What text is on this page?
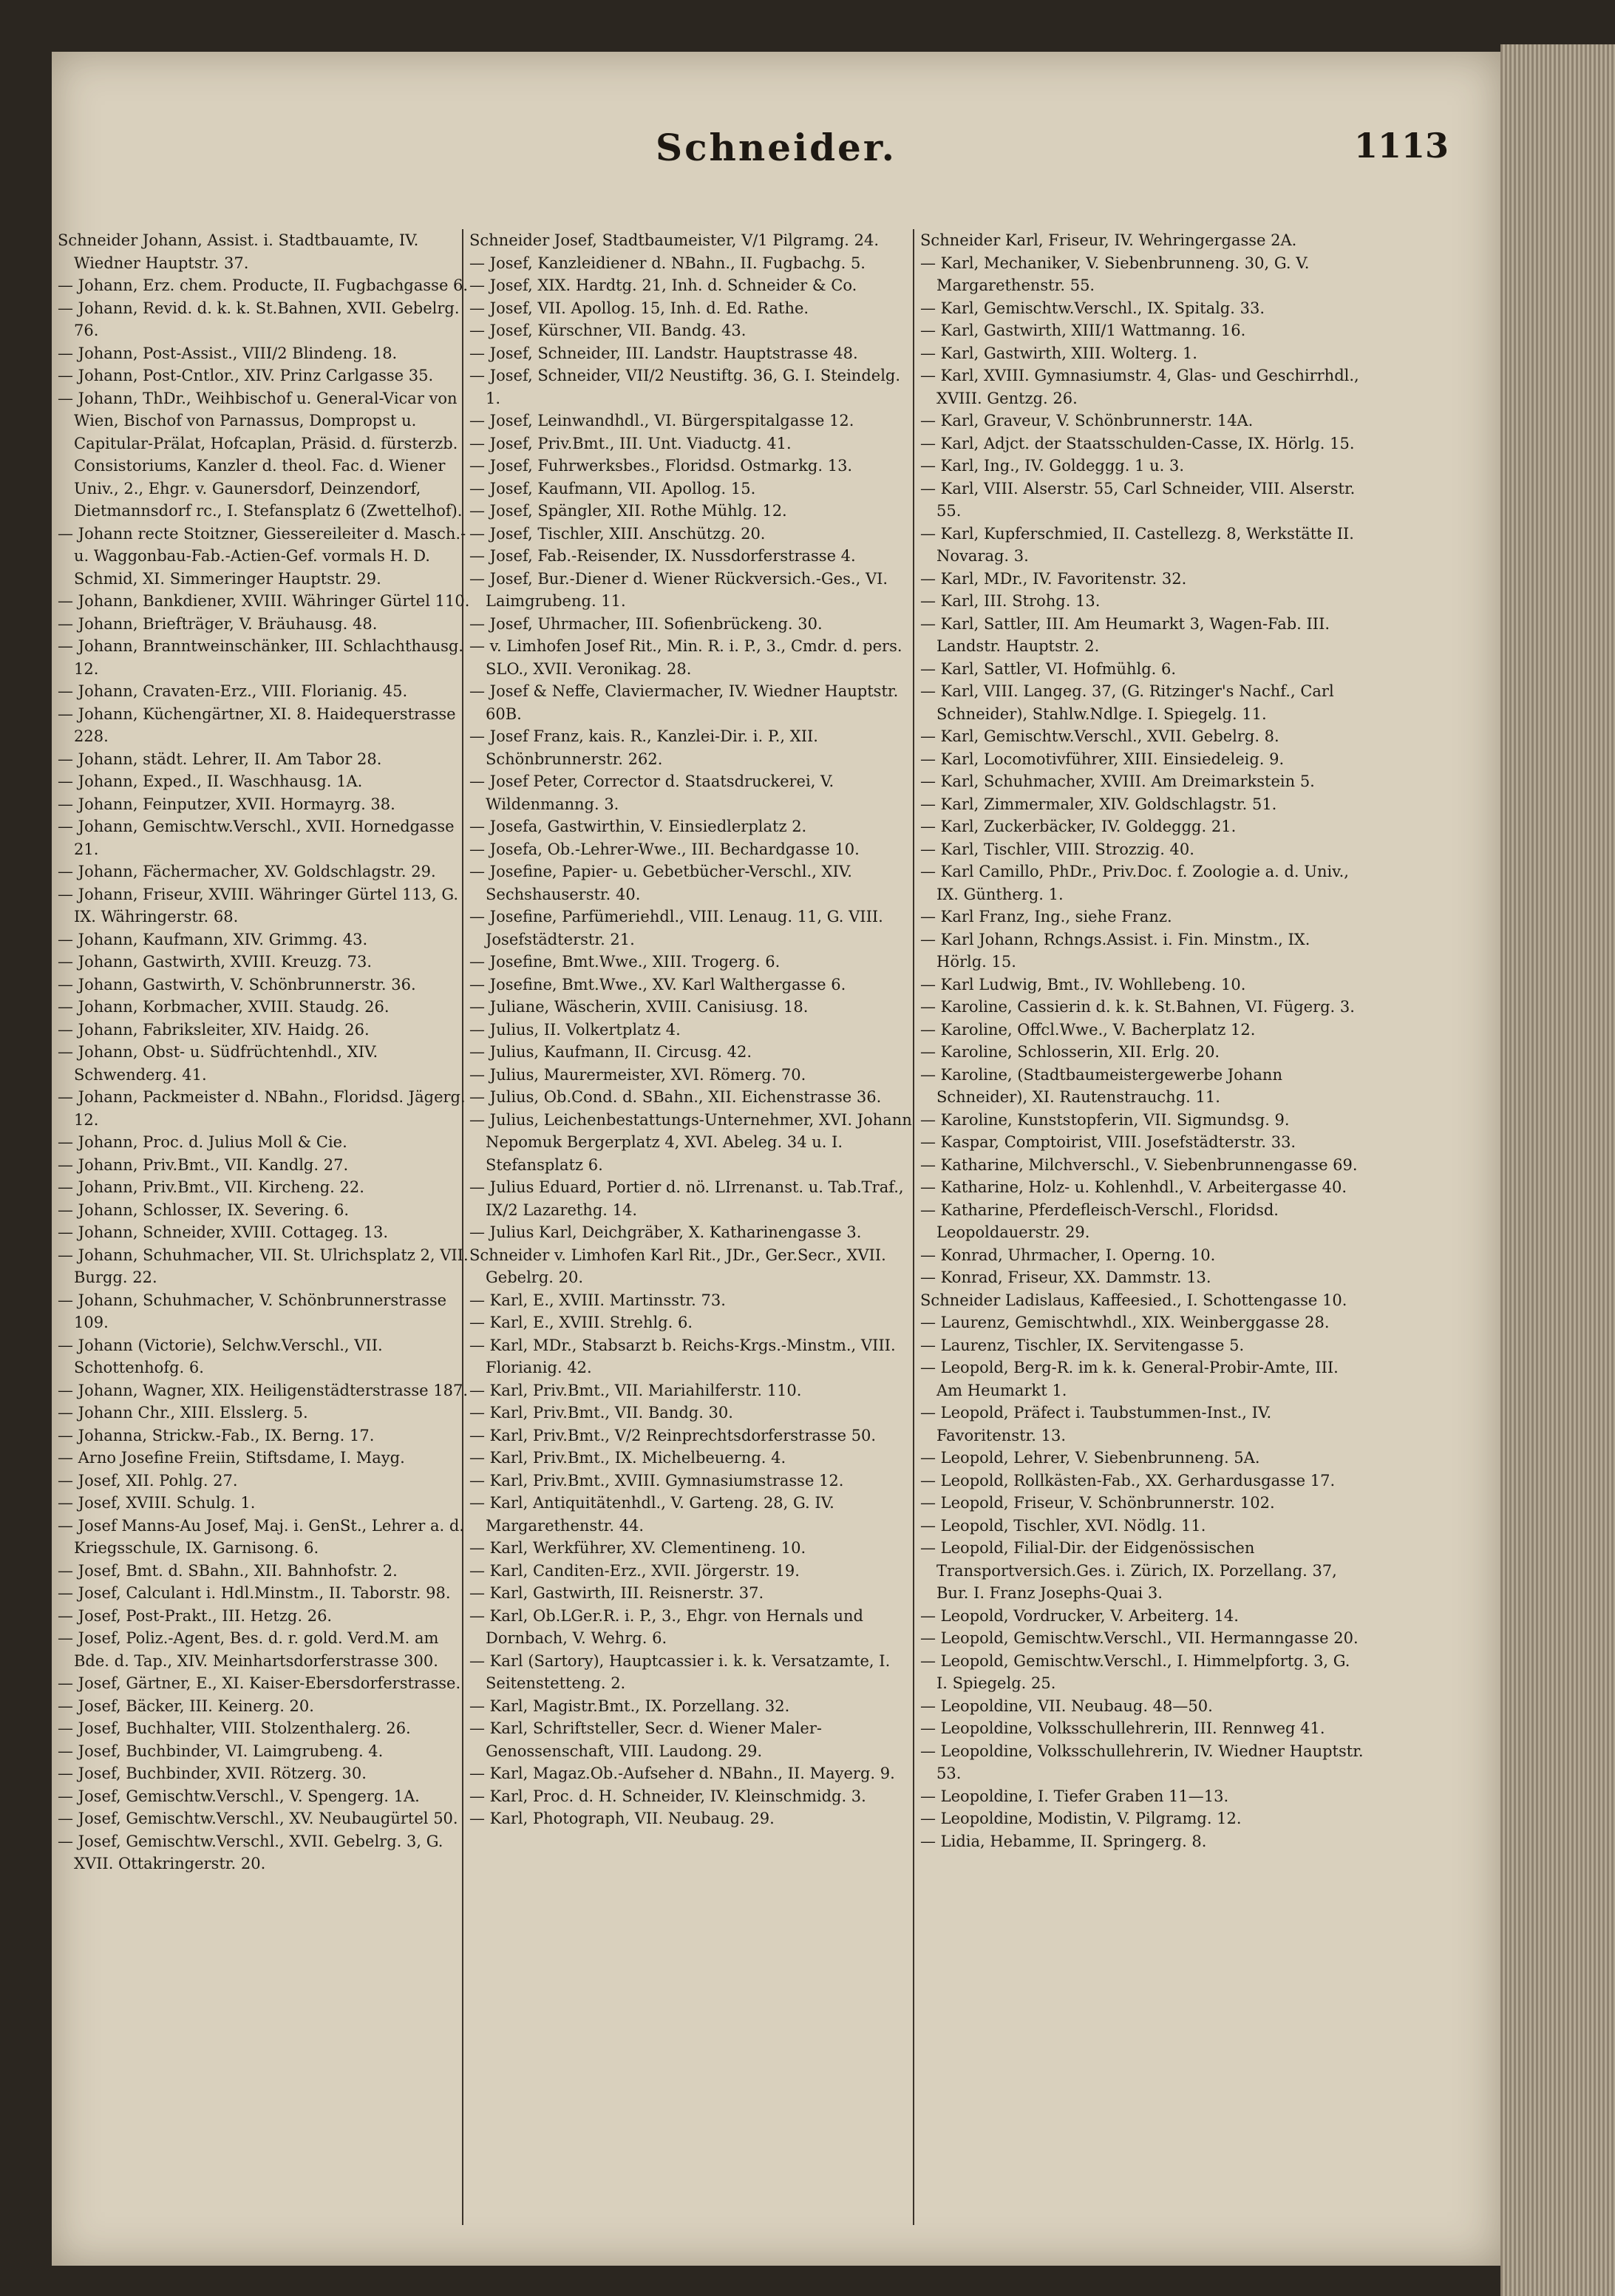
Schneider.	1113

Schneider Johann, Assist. i. Stadtbauamte, IV. Wiedner Hauptstr. 37.

— Johann, Erz. chem. Producte, II. Fugbachgasse 6.

— Johann, Revid. d. k. k. St.Bahnen, XVII. Gebelrg. 76.

— Johann, Post-Assist., VIII/2 Blindeng. 18.

— Johann, Post-Cntlor., XIV. Prinz Carlgasse 35.

— Johann, ThDr., Weihbischof u. General-Vicar von Wien, Bischof von Parnassus, Dompropst u. Capitular-Prälat, Hofcaplan, Präsid. d. fürsterzb. Consistoriums, Kanzler d. theol. Fac. d. Wiener Univ., 2., Ehgr. v. Gaunersdorf, Deinzendorf, Dietmannsdorf rc., I. Stefansplatz 6 (Zwettelhof).

— Johann recte Stoitzner, Giessereileiter d. Masch.- u. Waggonbau-Fab.-Actien-Gef. vormals H. D. Schmid, XI. Simmeringer Hauptstr. 29.

— Johann, Bankdiener, XVIII. Währinger Gürtel 110.

— Johann, Briefträger, V. Bräuhausg. 48.

— Johann, Branntweinschänker, III. Schlachthausg. 12.

— Johann, Cravaten-Erz., VIII. Florianig. 45.

— Johann, Küchengärtner, XI. 8. Haidequerstrasse 228.

— Johann, städt. Lehrer, II. Am Tabor 28.

— Johann, Exped., II. Waschhausg. 1A.

— Johann, Feinputzer, XVII. Hormayrg. 38.

— Johann, Gemischtw.Verschl., XVII. Hornedgasse 21.

— Johann, Fächermacher, XV. Goldschlagstr. 29.

— Johann, Friseur, XVIII. Währinger Gürtel 113, G. IX. Währingerstr. 68.

— Johann, Kaufmann, XIV. Grimmg. 43.

— Johann, Gastwirth, XVIII. Kreuzg. 73.

— Johann, Gastwirth, V. Schönbrunnerstr. 36.

— Johann, Korbmacher, XVIII. Staudg. 26.

— Johann, Fabriksleiter, XIV. Haidg. 26.

— Johann, Obst- u. Südfrüchtenhdl., XIV. Schwenderg. 41.

— Johann, Packmeister d. NBahn., Floridsd. Jägerg. 12.

— Johann, Proc. d. Julius Moll & Cie.

— Johann, Priv.Bmt., VII. Kandlg. 27.

— Johann, Priv.Bmt., VII. Kircheng. 22.

— Johann, Schlosser, IX. Severing. 6.

— Johann, Schneider, XVIII. Cottageg. 13.

— Johann, Schuhmacher, VII. St. Ulrichsplatz 2, VII. Burgg. 22.

— Johann, Schuhmacher, V. Schönbrunnerstrasse 109.

— Johann (Victorie), Selchw.Verschl., VII. Schottenhofg. 6.

— Johann, Wagner, XIX. Heiligenstädterstrasse 187.

— Johann Chr., XIII. Elsslerg. 5.

— Johanna, Strickw.-Fab., IX. Berng. 17.

— Arno Josefine Freiin, Stiftsdame, I. Mayg.

— Josef, XII. Pohlg. 27.

— Josef, XVIII. Schulg. 1.

— Josef Manns-Au Josef, Maj. i. GenSt., Lehrer a. d. Kriegsschule, IX. Garnisong. 6.

— Josef, Bmt. d. SBahn., XII. Bahnhofstr. 2.

— Josef, Calculant i. Hdl.Minstm., II. Taborstr. 98.

— Josef, Post-Prakt., III. Hetzg. 26.

— Josef, Poliz.-Agent, Bes. d. r. gold. Verd.M. am Bde. d. Tap., XIV. Meinhartsdorferstrasse 300.

— Josef, Gärtner, E., XI. Kaiser-Ebersdorferstrasse.

— Josef, Bäcker, III. Keinerg. 20.

— Josef, Buchhalter, VIII. Stolzenthalerg. 26.

— Josef, Buchbinder, VI. Laimgrubeng. 4.

— Josef, Buchbinder, XVII. Rötzerg. 30.

— Josef, Gemischtw.Verschl., V. Spengerg. 1A.

— Josef, Gemischtw.Verschl., XV. Neubaugürtel 50.

— Josef, Gemischtw.Verschl., XVII. Gebelrg. 3, G. XVII. Ottakringerstr. 20.

Schneider Josef, Stadtbaumeister, V/1 Pilgramg. 24.

— Josef, Kanzleidiener d. NBahn., II. Fugbachg. 5.

— Josef, XIX. Hardtg. 21, Inh. d. Schneider & Co.

— Josef, VII. Apollog. 15, Inh. d. Ed. Rathe.

— Josef, Kürschner, VII. Bandg. 43.

— Josef, Schneider, III. Landstr. Hauptstrasse 48.

— Josef, Schneider, VII/2 Neustiftg. 36, G. I. Steindelg. 1.

— Josef, Leinwandhdl., VI. Bürgerspitalgasse 12.

— Josef, Priv.Bmt., III. Unt. Viaductg. 41.

— Josef, Fuhrwerksbes., Floridsd. Ostmarkg. 13.

— Josef, Kaufmann, VII. Apollog. 15.

— Josef, Spängler, XII. Rothe Mühlg. 12.

— Josef, Tischler, XIII. Anschützg. 20.

— Josef, Fab.-Reisender, IX. Nussdorferstrasse 4.

— Josef, Bur.-Diener d. Wiener Rückversich.-Ges., VI. Laimgrubeng. 11.

— Josef, Uhrmacher, III. Sofienbrückeng. 30.

— v. Limhofen Josef Rit., Min. R. i. P., 3., Cmdr. d. pers. SLO., XVII. Veronikag. 28.

— Josef & Neffe, Claviermacher, IV. Wiedner Hauptstr. 60B.

— Josef Franz, kais. R., Kanzlei-Dir. i. P., XII. Schönbrunnerstr. 262.

— Josef Peter, Corrector d. Staatsdruckerei, V. Wildenmanng. 3.

— Josefa, Gastwirthin, V. Einsiedlerplatz 2.

— Josefa, Ob.-Lehrer-Wwe., III. Bechardgasse 10.

— Josefine, Papier- u. Gebetbücher-Verschl., XIV. Sechshauserstr. 40.

— Josefine, Parfümeriehdl., VIII. Lenaug. 11, G. VIII. Josefstädterstr. 21.

— Josefine, Bmt.Wwe., XIII. Trogerg. 6.

— Josefine, Bmt.Wwe., XV. Karl Walthergasse 6.

— Juliane, Wäscherin, XVIII. Canisiusg. 18.

— Julius, II. Volkertplatz 4.

— Julius, Kaufmann, II. Circusg. 42.

— Julius, Maurermeister, XVI. Römerg. 70.

— Julius, Ob.Cond. d. SBahn., XII. Eichenstrasse 36.

— Julius, Leichenbestattungs-Unternehmer, XVI. Johann Nepomuk Bergerplatz 4, XVI. Abeleg. 34 u. I. Stefansplatz 6.

— Julius Eduard, Portier d. nö. LIrrenanst. u. Tab.Traf., IX/2 Lazarethg. 14.

— Julius Karl, Deichgräber, X. Katharinengasse 3.

Schneider v. Limhofen Karl Rit., JDr., Ger.Secr., XVII. Gebelrg. 20.

— Karl, E., XVIII. Martinsstr. 73.

— Karl, E., XVIII. Strehlg. 6.

— Karl, MDr., Stabsarzt b. Reichs-Krgs.-Minstm., VIII. Florianig. 42.

— Karl, Priv.Bmt., VII. Mariahilferstr. 110.

— Karl, Priv.Bmt., VII. Bandg. 30.

— Karl, Priv.Bmt., V/2 Reinprechtsdorferstrasse 50.

— Karl, Priv.Bmt., IX. Michelbeuerng. 4.

— Karl, Priv.Bmt., XVIII. Gymnasiumstrasse 12.

— Karl, Antiquitätenhdl., V. Garteng. 28, G. IV. Margarethenstr. 44.

— Karl, Werkführer, XV. Clementineng. 10.

— Karl, Canditen-Erz., XVII. Jörgerstr. 19.

— Karl, Gastwirth, III. Reisnerstr. 37.

— Karl, Ob.LGer.R. i. P., 3., Ehgr. von Hernals und Dornbach, V. Wehrg. 6.

— Karl (Sartory), Hauptcassier i. k. k. Versatzamte, I. Seitenstetteng. 2.

— Karl, Magistr.Bmt., IX. Porzellang. 32.

— Karl, Schriftsteller, Secr. d. Wiener Maler-Genossenschaft, VIII. Laudong. 29.

— Karl, Magaz.Ob.-Aufseher d. NBahn., II. Mayerg. 9.

— Karl, Proc. d. H. Schneider, IV. Kleinschmidg. 3.

— Karl, Photograph, VII. Neubaug. 29.

Schneider Karl, Friseur, IV. Wehringergasse 2A.

— Karl, Mechaniker, V. Siebenbrunneng. 30, G. V. Margarethenstr. 55.

— Karl, Gemischtw.Verschl., IX. Spitalg. 33.

— Karl, Gastwirth, XIII/1 Wattmanng. 16.

— Karl, Gastwirth, XIII. Wolterg. 1.

— Karl, XVIII. Gymnasiumstr. 4, Glas- und Geschirrhdl., XVIII. Gentzg. 26.

— Karl, Graveur, V. Schönbrunnerstr. 14A.

— Karl, Adjct. der Staatsschulden-Casse, IX. Hörlg. 15.

— Karl, Ing., IV. Goldeggg. 1 u. 3.

— Karl, VIII. Alserstr. 55, Carl Schneider, VIII. Alserstr. 55.

— Karl, Kupferschmied, II. Castellezg. 8, Werkstätte II. Novarag. 3.

— Karl, MDr., IV. Favoritenstr. 32.

— Karl, III. Strohg. 13.

— Karl, Sattler, III. Am Heumarkt 3, Wagen-Fab. III. Landstr. Hauptstr. 2.

— Karl, Sattler, VI. Hofmühlg. 6.

— Karl, VIII. Langeg. 37, (G. Ritzinger's Nachf., Carl Schneider), Stahlw.Ndlge. I. Spiegelg. 11.

— Karl, Gemischtw.Verschl., XVII. Gebelrg. 8.

— Karl, Locomotivführer, XIII. Einsiedeleig. 9.

— Karl, Schuhmacher, XVIII. Am Dreimarkstein 5.

— Karl, Zimmermaler, XIV. Goldschlagstr. 51.

— Karl, Zuckerbäcker, IV. Goldeggg. 21.

— Karl, Tischler, VIII. Strozzig. 40.

— Karl Camillo, PhDr., Priv.Doc. f. Zoologie a. d. Univ., IX. Güntherg. 1.

— Karl Franz, Ing., siehe Franz.

— Karl Johann, Rchngs.Assist. i. Fin. Minstm., IX. Hörlg. 15.

— Karl Ludwig, Bmt., IV. Wohllebeng. 10.

— Karoline, Cassierin d. k. k. St.Bahnen, VI. Fügerg. 3.

— Karoline, Offcl.Wwe., V. Bacherplatz 12.

— Karoline, Schlosserin, XII. Erlg. 20.

— Karoline, (Stadtbaumeistergewerbe Johann Schneider), XI. Rautenstrauchg. 11.

— Karoline, Kunststopferin, VII. Sigmundsg. 9.

— Kaspar, Comptoirist, VIII. Josefstädterstr. 33.

— Katharine, Milchverschl., V. Siebenbrunnengasse 69.

— Katharine, Holz- u. Kohlenhdl., V. Arbeitergasse 40.

— Katharine, Pferdefleisch-Verschl., Floridsd. Leopoldauerstr. 29.

— Konrad, Uhrmacher, I. Operng. 10.

— Konrad, Friseur, XX. Dammstr. 13.

Schneider Ladislaus, Kaffeesied., I. Schottengasse 10.

— Laurenz, Gemischtwhdl., XIX. Weinberggasse 28.

— Laurenz, Tischler, IX. Servitengasse 5.

— Leopold, Berg-R. im k. k. General-Probir-Amte, III. Am Heumarkt 1.

— Leopold, Präfect i. Taubstummen-Inst., IV. Favoritenstr. 13.

— Leopold, Lehrer, V. Siebenbrunneng. 5A.

— Leopold, Rollkästen-Fab., XX. Gerhardusgasse 17.

— Leopold, Friseur, V. Schönbrunnerstr. 102.

— Leopold, Tischler, XVI. Nödlg. 11.

— Leopold, Filial-Dir. der Eidgenössischen Transportversich.Ges. i. Zürich, IX. Porzellang. 37, Bur. I. Franz Josephs-Quai 3.

— Leopold, Vordrucker, V. Arbeiterg. 14.

— Leopold, Gemischtw.Verschl., VII. Hermanngasse 20.

— Leopold, Gemischtw.Verschl., I. Himmelpfortg. 3, G. I. Spiegelg. 25.

— Leopoldine, VII. Neubaug. 48—50.

— Leopoldine, Volksschullehrerin, III. Rennweg 41.

— Leopoldine, Volksschullehrerin, IV. Wiedner Hauptstr. 53.

— Leopoldine, I. Tiefer Graben 11—13.

— Leopoldine, Modistin, V. Pilgramg. 12.

— Lidia, Hebamme, II. Springerg. 8.
